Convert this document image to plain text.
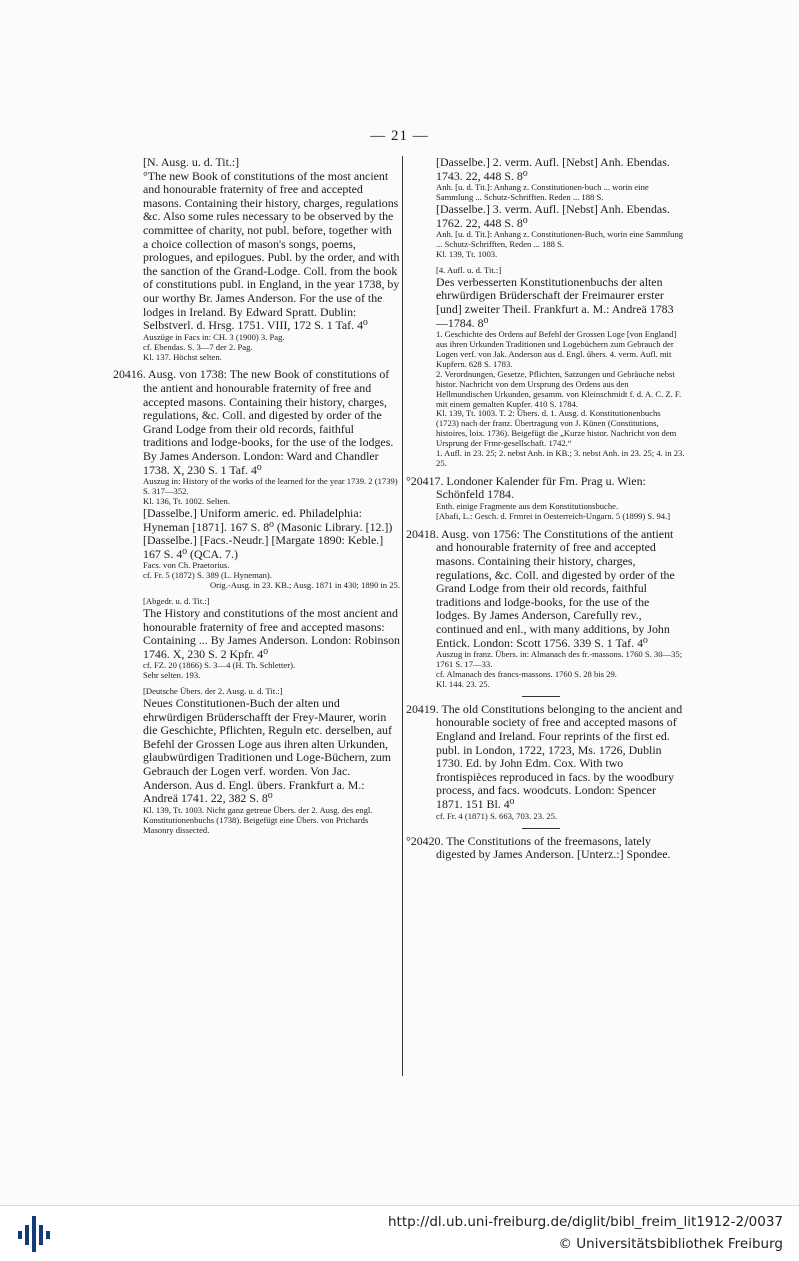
— 21 —

[N. Ausg. u. d. Tit.:]

°The new Book of constitutions of the most ancient and honourable fraternity of free and accepted masons. Containing their history, charges, regulations &c. Also some rules necessary to be observed by the committee of charity, not publ. before, together with a choice collection of mason's songs, poems, prologues, and epilogues. Publ. by the order, and with the sanction of the Grand-Lodge. Coll. from the book of constitutions publ. in England, in the year 1738, by our worthy Br. James Anderson. For the use of the lodges in Ireland. By Edward Spratt. Dublin: Selbstverl. d. Hrsg. 1751. VIII, 172 S. 1 Taf. 4⁰

Auszüge in Facs in: CH. 3 (1900) 3. Pag.

cf. Ebendas. S. 3—7 der 2. Pag.

Kl. 137. Höchst selten.

20416. Ausg. von 1738: The new Book of constitutions of the antient and honourable fraternity of free and accepted masons. Containing their history, charges, regulations, &c. Coll. and digested by order of the Grand Lodge from their old records, faithful traditions and lodge-books, for the use of the lodges. By James Anderson. London: Ward and Chandler 1738. X, 230 S. 1 Taf. 4⁰

Auszug in: History of the works of the learned for the year 1739. 2 (1739) S. 317—352.

Kl. 136, Tt. 1002. Selten.

[Dasselbe.] Uniform americ. ed. Philadelphia: Hyneman [1871]. 167 S. 8⁰ (Masonic Library. [12.])

[Dasselbe.] [Facs.-Neudr.] [Margate 1890: Keble.] 167 S. 4⁰ (QCA. 7.)

Facs. von Ch. Praetorius.

cf. Fr. 5 (1872) S. 389 (L. Hyneman).

Orig.-Ausg. in 23. KB.; Ausg. 1871 in 430; 1890 in 25.

[Abgedr. u. d. Tit.:]

The History and constitutions of the most ancient and honourable fraternity of free and accepted masons: Containing ... By James Anderson. London: Robinson 1746. X, 230 S. 2 Kpfr. 4⁰

cf. FZ. 20 (1866) S. 3—4 (H. Th. Schletter).

Sehr selten. 193.

[Deutsche Übers. der 2. Ausg. u. d. Tit.:]

Neues Constitutionen-Buch der alten und ehrwürdigen Brüderschafft der Frey-Maurer, worin die Geschichte, Pflichten, Reguln etc. derselben, auf Befehl der Grossen Loge aus ihren alten Urkunden, glaubwürdigen Traditionen und Loge-Büchern, zum Gebrauch der Logen verf. worden. Von Jac. Anderson. Aus d. Engl. übers. Frankfurt a. M.: Andreä 1741. 22, 382 S. 8⁰

Kl. 139, Tt. 1003. Nicht ganz getreue Übers. der 2. Ausg. des engl. Konstitutionenbuchs (1738). Beigefügt eine Übers. von Prichards Masonry dissected.

[Dasselbe.] 2. verm. Aufl. [Nebst] Anh. Ebendas. 1743. 22, 448 S. 8⁰

Anh. [u. d. Tit.]: Anhang z. Constitutionen-buch ... worin eine Sammlung ... Schutz-Schrifften. Reden ... 188 S.

[Dasselbe.] 3. verm. Aufl. [Nebst] Anh. Ebendas. 1762. 22, 448 S. 8⁰

Anh. [u. d. Tit.]: Anhang z. Constitutionen-Buch, worin eine Sammlung ... Schutz-Schrifften, Reden ... 188 S.

Kl. 139, Tt. 1003.

[4. Aufl. u. d. Tit.:]

Des verbesserten Konstitutionenbuchs der alten ehrwürdigen Brüderschaft der Freimaurer erster [und] zweiter Theil. Frankfurt a. M.: Andreä 1783—1784. 8⁰

1. Geschichte des Ordens auf Befehl der Grossen Loge [von England] aus ihren Urkunden Traditionen und Logebüchern zum Gebrauch der Logen verf. von Jak. Anderson aus d. Engl. übers. 4. verm. Aufl. mit Kupfern. 628 S. 1783.

2. Verordnungen, Gesetze, Pflichten, Satzungen und Gebräuche nebst histor. Nachricht von dem Ursprung des Ordens aus den Hellmundischen Urkunden, gesamm. von Kleinschmidt f. d. A. C. Z. F. mit einem gemalten Kupfer. 410 S. 1784.

Kl. 139, Tt. 1003. T. 2: Übers. d. 1. Ausg. d. Konstitutionenbuchs (1723) nach der franz. Übertragung von J. Künen (Constitutions, histoires, loix. 1736). Beigefügt die „Kurze histor. Nachricht von dem Ursprung der Frmr-gesellschaft. 1742.“

1. Aufl. in 23. 25; 2. nebst Anh. in KB.; 3. nebst Anh. in 23. 25; 4. in 23. 25.

°20417. Londoner Kalender für Fm. Prag u. Wien: Schönfeld 1784.

Enth. einige Fragmente aus dem Konstitutionsbuche.

[Abafi, L.: Gesch. d. Frmrei in Oesterreich-Ungarn. 5 (1899) S. 94.]

20418. Ausg. von 1756: The Constitutions of the antient and honourable fraternity of free and accepted masons. Containing their history, charges, regulations, &c. Coll. and digested by order of the Grand Lodge from their old records, faithful traditions and lodge-books, for the use of the lodges. By James Anderson, Carefully rev., continued and enl., with many additions, by John Entick. London: Scott 1756. 339 S. 1 Taf. 4⁰

Auszug in franz. Übers. in: Almanach des fr.-massons. 1760 S. 30—35; 1761 S. 17—33.

cf. Almanach des francs-massons. 1760 S. 28 bis 29.

Kl. 144. 23. 25.

20419. The old Constitutions belonging to the ancient and honourable society of free and accepted masons of England and Ireland. Four reprints of the first ed. publ. in London, 1722, 1723, Ms. 1726, Dublin 1730. Ed. by John Edm. Cox. With two frontispièces reproduced in facs. by the woodbury process, and facs. woodcuts. London: Spencer 1871. 151 Bl. 4⁰

cf. Fr. 4 (1871) S. 663, 703. 23. 25.

°20420. The Constitutions of the freemasons, lately digested by James Anderson. [Unterz.:] Spondee.

http://dl.ub.uni-freiburg.de/diglit/bibl_freim_lit1912-2/0037
© Universitätsbibliothek Freiburg
